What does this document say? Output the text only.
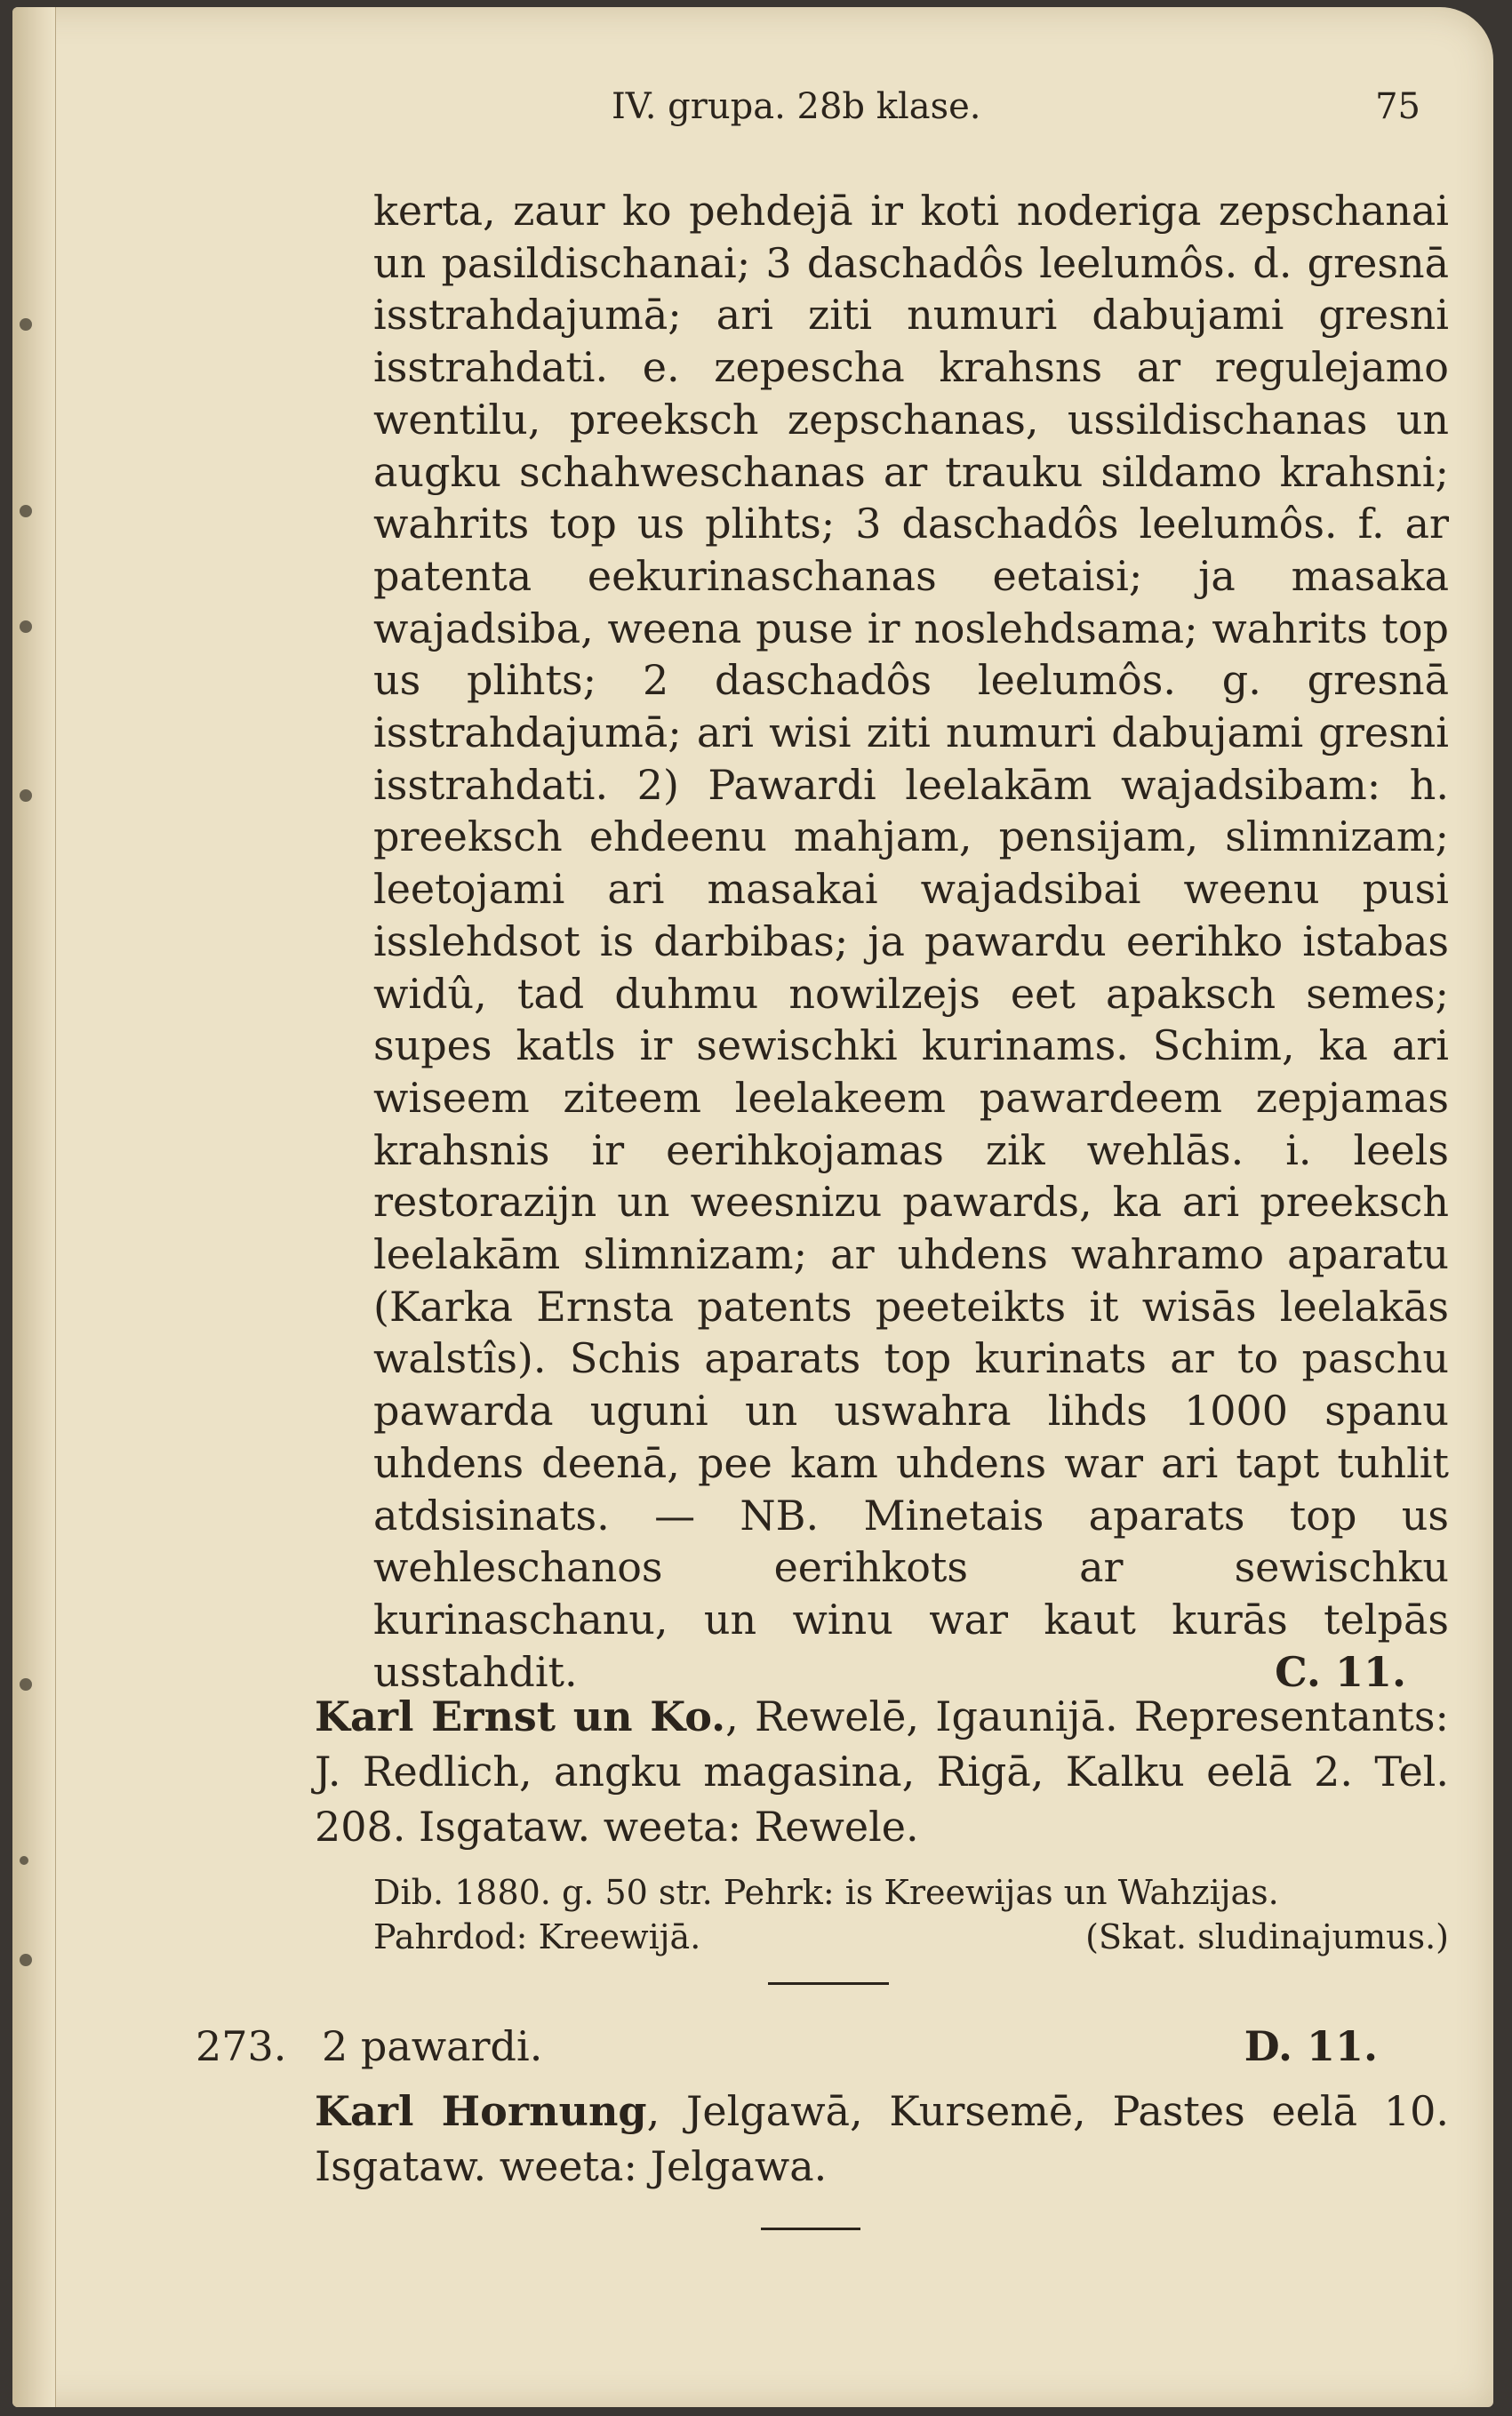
IV. grupa. 28b klase.	75
kerta, zaur ko pehdejā ir koti noderiga zepschanai un pasildischanai; 3 daschadôs leelumôs. d. gresnā isstrahdajumā; ari ziti numuri dabujami gresni isstrahdati. e. zepescha krahsns ar regulejamo wentilu, preeksch zepschanas, ussildischanas un augku schahweschanas ar trauku sildamo krahsni; wahrits top us plihts; 3 daschadôs leelumôs. f. ar patenta eekurinaschanas eetaisi; ja masaka wajadsiba, weena puse ir noslehdsama; wahrits top us plihts; 2 daschadôs leelumôs. g. gresnā isstrahdajumā; ari wisi ziti numuri dabujami gresni isstrahdati. 2) Pawardi leelakām wajadsibam: h. preeksch ehdeenu mahjam, pensijam, slimnizam; leetojami ari masakai wajadsibai weenu pusi isslehdsot is darbibas; ja pawardu eerihko istabas widû, tad duhmu nowilzejs eet apaksch semes; supes katls ir sewischki kurinams. Schim, ka ari wiseem ziteem leelakeem pawardeem zepjamas krahsnis ir eerihkojamas zik wehlās. i. leels restorazijn un weesnizu pawards, ka ari preeksch leelakām slimnizam; ar uhdens wahramo aparatu (Karka Ernsta patents peeteikts it wisās leelakās walstîs). Schis aparats top kurinats ar to paschu pawarda uguni un uswahra lihds 1000 spanu uhdens deenā, pee kam uhdens war ari tapt tuhlit atdsisinats. — NB. Minetais aparats top us wehleschanos eerihkots ar sewischku kurinaschanu, un winu war kaut kurās telpās usstahdit.	C. 11.
Karl Ernst un Ko., Rewelē, Igaunijā. Representants: J. Redlich, angku magasina, Rigā, Kalku eelā 2. Tel. 208. Isgataw. weeta: Rewele.
Dib. 1880. g. 50 str. Pehrk: is Kreewijas un Wahzijas.
Pahrdod: Kreewijā.	(Skat. sludinajumus.)
273. 2 pawardi.	D. 11.
Karl Hornung, Jelgawā, Kursemē, Pastes eelā 10. Isgataw. weeta: Jelgawa.
